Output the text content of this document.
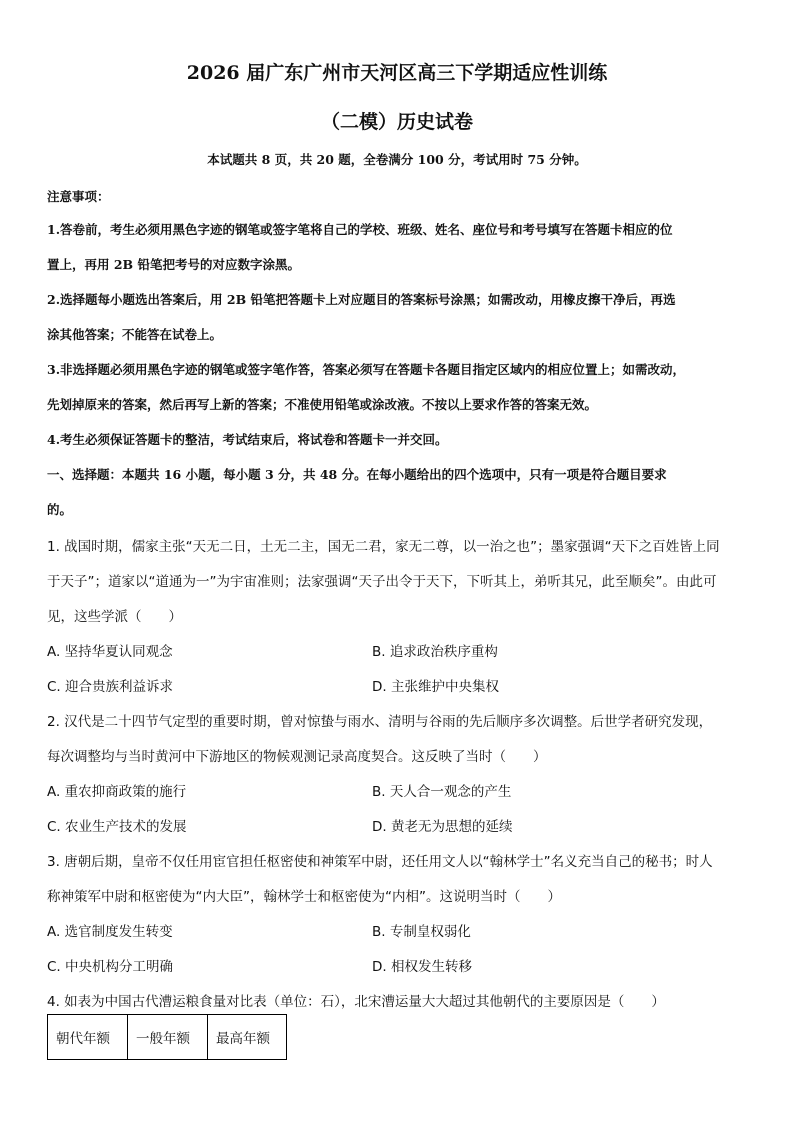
2026 届广东广州市天河区高三下学期适应性训练
（二模）历史试卷
本试题共 8 页，共 20 题，全卷满分 100 分，考试用时 75 分钟。
注意事项：
1.答卷前，考生必须用黑色字迹的钢笔或签字笔将自己的学校、班级、姓名、座位号和考号填写在答题卡相应的位
置上，再用 2B 铅笔把考号的对应数字涂黑。
2.选择题每小题选出答案后，用 2B 铅笔把答题卡上对应题目的答案标号涂黑；如需改动，用橡皮擦干净后，再选
涂其他答案；不能答在试卷上。
3.非选择题必须用黑色字迹的钢笔或签字笔作答，答案必须写在答题卡各题目指定区域内的相应位置上；如需改动，
先划掉原来的答案，然后再写上新的答案；不准使用铅笔或涂改液。不按以上要求作答的答案无效。
4.考生必须保证答题卡的整洁，考试结束后，将试卷和答题卡一并交回。
一、选择题：本题共 16 小题，每小题 3 分，共 48 分。在每小题给出的四个选项中，只有一项是符合题目要求
的。
1. 战国时期，儒家主张“天无二日，土无二主，国无二君，家无二尊，以一治之也”；墨家强调“天下之百姓皆上同
于天子”；道家以“道通为一”为宇宙准则；法家强调“天子出令于天下，下听其上，弟听其兄，此至顺矣”。由此可
见，这些学派（　　）
A. 坚持华夏认同观念	B. 追求政治秩序重构
C. 迎合贵族利益诉求	D. 主张维护中央集权
2. 汉代是二十四节气定型的重要时期，曾对惊蛰与雨水、清明与谷雨的先后顺序多次调整。后世学者研究发现，
每次调整均与当时黄河中下游地区的物候观测记录高度契合。这反映了当时（　　）
A. 重农抑商政策的施行	B. 天人合一观念的产生
C. 农业生产技术的发展	D. 黄老无为思想的延续
3. 唐朝后期，皇帝不仅任用宦官担任枢密使和神策军中尉，还任用文人以“翰林学士”名义充当自己的秘书；时人
称神策军中尉和枢密使为“内大臣”，翰林学士和枢密使为“内相”。这说明当时（　　）
A. 选官制度发生转变	B. 专制皇权弱化
C. 中央机构分工明确	D. 相权发生转移
4. 如表为中国古代漕运粮食量对比表（单位：石），北宋漕运量大大超过其他朝代的主要原因是（　　）
朝代年额	一般年额	最高年额
